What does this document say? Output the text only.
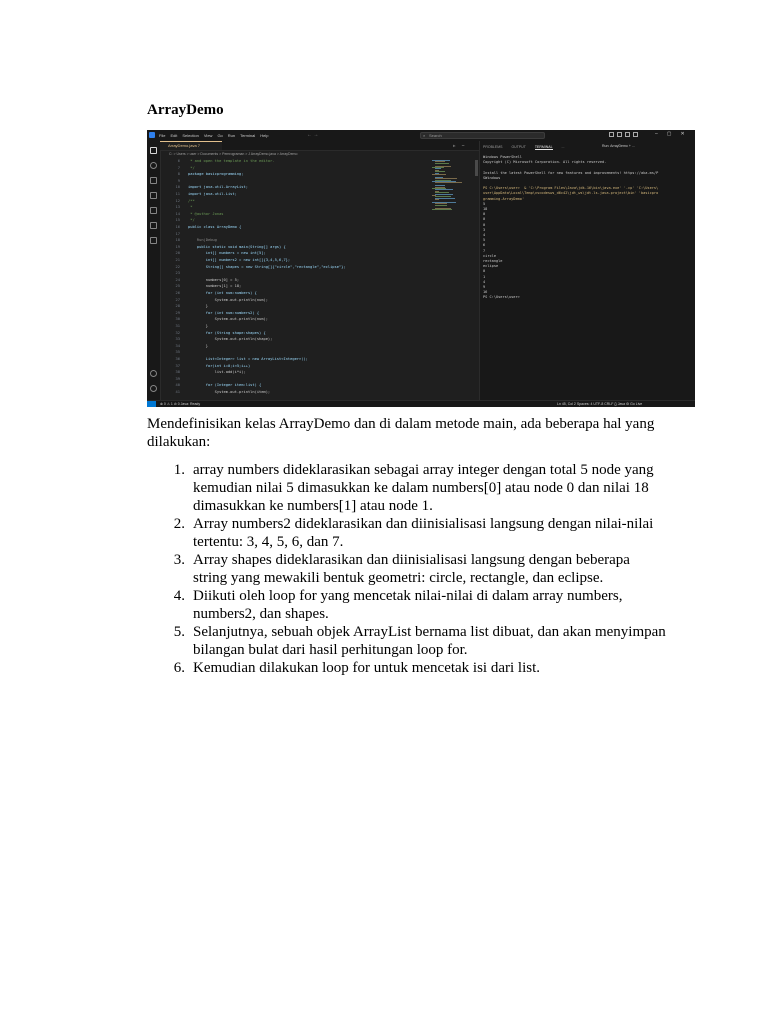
ArrayDemo
File Edit Selection View Go Run Terminal Help	← →	⌕ Search	– ▢ ✕
ArrayDemo.java 7	▷ ⋯
C: > Users > user > Documents > Pemrograman > J ArrayDemo.java > ArrayDemo
6 * and open the template in the editor.
7 */
8 package basicprogramming;
9
10 import java.util.ArrayList;
11 import java.util.List;
12 /**
13 *
14 * @author Jonas
15 */
16 public class ArrayDemo {
17
18 Run|Debug
19 public static void main(String[] args) {
20 int[] numbers = new int[5];
21 int[] numbers2 = new int[]{3,4,5,6,7};
22 String[] shapes = new String[]{"circle","rectangle","eclipse"};
23
24 numbers[0] = 5;
25 numbers[1] = 18;
26 for (int num:numbers) {
27 System.out.println(num);
28 }
29 for (int num:numbers2) {
30 System.out.println(num);
31 }
32 for (String shape:shapes) {
33 System.out.println(shape);
34 }
35
36 List<Integer> list = new ArrayList<Integer>();
37 for(int i=0;i<5;i++)
38 list.add(i*i);
39
40 for (Integer item:list) {
41 System.out.println(item);
PROBLEMS	OUTPUT	TERMINAL	...	Run: ArrayDemo + ...
Windows PowerShell
Copyright (C) Microsoft Corporation. All rights reserved.
Install the latest PowerShell for new features and improvements! https://aka.ms/P
SWindows
PS C:\Users\user>  & 'C:\Program Files\Java\jdk-16\bin\java.exe' '-cp' 'C:\Users\
user\AppData\Local\Temp\vscodesws_d6c42\jdt_ws\jdt.ls-java-project\bin' 'basicpro
gramming.ArrayDemo'
5
18
0
0
0
3
4
5
6
7
circle
rectangle
eclipse
0
1
4
9
16
PS C:\Users\user>
⊗ 0 ⚠ 1 ⊘ 0 Java: Ready	Ln 45, Col 2 Spaces: 4 UTF-8 CRLF {} Java ⚙ Go Live

Mendefinisikan kelas ArrayDemo dan di dalam metode main, ada beberapa hal yang dilakukan:

1. array numbers dideklarasikan sebagai array integer dengan total 5 node yang kemudian nilai 5 dimasukkan ke dalam numbers[0] atau node 0 dan nilai 18 dimasukkan ke numbers[1] atau node 1.
2. Array numbers2 dideklarasikan dan diinisialisasi langsung dengan nilai-nilai tertentu: 3, 4, 5, 6, dan 7.
3. Array shapes dideklarasikan dan diinisialisasi langsung dengan beberapa string yang mewakili bentuk geometri: circle, rectangle, dan eclipse.
4. Diikuti oleh loop for yang mencetak nilai-nilai di dalam array numbers, numbers2, dan shapes.
5. Selanjutnya, sebuah objek ArrayList bernama list dibuat, dan akan menyimpan bilangan bulat dari hasil perhitungan loop for.
6. Kemudian dilakukan loop for untuk mencetak isi dari list.
